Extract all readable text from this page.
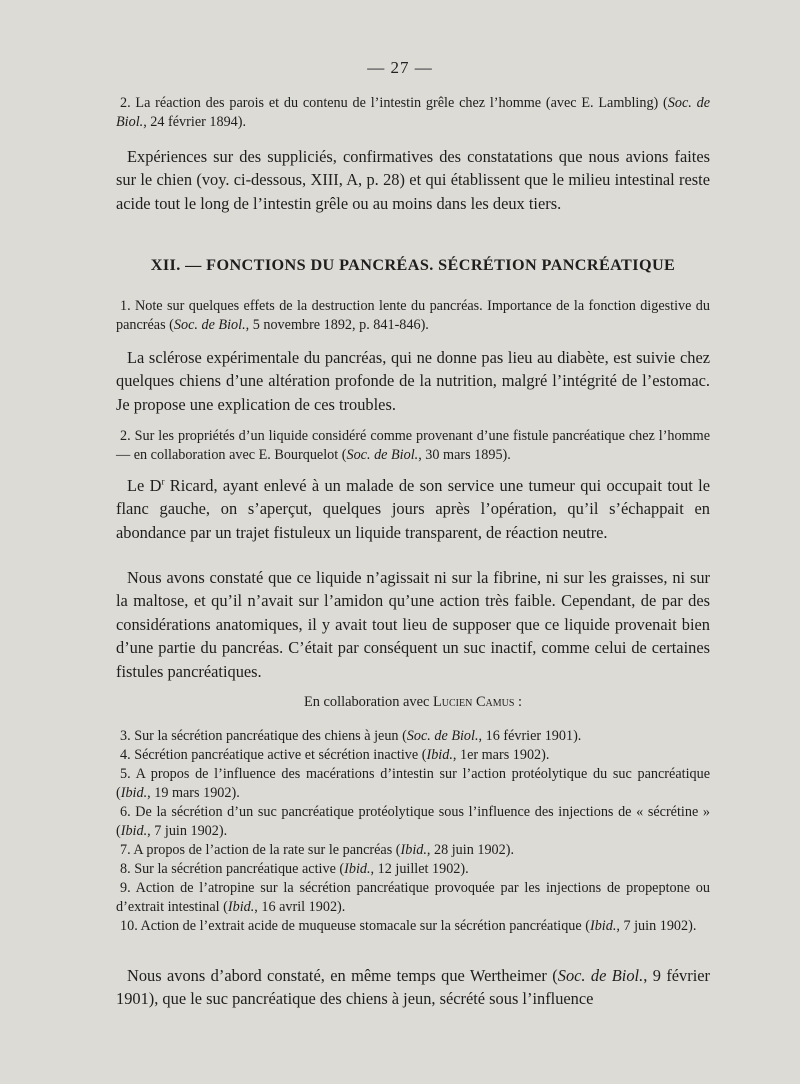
— 27 —

2. La réaction des parois et du contenu de l’intestin grêle chez l’homme (avec E. Lambling) (Soc. de Biol., 24 février 1894).

Expériences sur des suppliciés, confirmatives des constatations que nous avions faites sur le chien (voy. ci-dessous, XIII, A, p. 28) et qui établissent que le milieu intestinal reste acide tout le long de l’intestin grêle ou au moins dans les deux tiers.

XII. — FONCTIONS DU PANCRÉAS. SÉCRÉTION PANCRÉATIQUE

1. Note sur quelques effets de la destruction lente du pancréas. Importance de la fonction digestive du pancréas (Soc. de Biol., 5 novembre 1892, p. 841-846).

La sclérose expérimentale du pancréas, qui ne donne pas lieu au diabète, est suivie chez quelques chiens d’une altération profonde de la nutrition, malgré l’intégrité de l’estomac. Je propose une explication de ces troubles.

2. Sur les propriétés d’un liquide considéré comme provenant d’une fistule pancréatique chez l’homme — en collaboration avec E. Bourquelot (Soc. de Biol., 30 mars 1895).

Le $D^r$ Ricard, ayant enlevé à un malade de son service une tumeur qui occupait tout le flanc gauche, on s’aperçut, quelques jours après l’opération, qu’il s’échappait en abondance par un trajet fistuleux un liquide transparent, de réaction neutre.

Nous avons constaté que ce liquide n’agissait ni sur la fibrine, ni sur les graisses, ni sur la maltose, et qu’il n’avait sur l’amidon qu’une action très faible. Cependant, de par des considérations anatomiques, il y avait tout lieu de supposer que ce liquide provenait bien d’une partie du pancréas. C’était par conséquent un suc inactif, comme celui de certaines fistules pancréatiques.

En collaboration avec Lucien Camus :

3. Sur la sécrétion pancréatique des chiens à jeun (Soc. de Biol., 16 février 1901).

4. Sécrétion pancréatique active et sécrétion inactive (Ibid., 1er mars 1902).

5. A propos de l’influence des macérations d’intestin sur l’action protéolytique du suc pancréatique (Ibid., 19 mars 1902).

6. De la sécrétion d’un suc pancréatique protéolytique sous l’influence des injections de « sécrétine » (Ibid., 7 juin 1902).

7. A propos de l’action de la rate sur le pancréas (Ibid., 28 juin 1902).

8. Sur la sécrétion pancréatique active (Ibid., 12 juillet 1902).

9. Action de l’atropine sur la sécrétion pancréatique provoquée par les injections de propeptone ou d’extrait intestinal (Ibid., 16 avril 1902).

10. Action de l’extrait acide de muqueuse stomacale sur la sécrétion pancréatique (Ibid., 7 juin 1902).

Nous avons d’abord constaté, en même temps que Wertheimer (Soc. de Biol., 9 février 1901), que le suc pancréatique des chiens à jeun, sécrété sous l’influence
